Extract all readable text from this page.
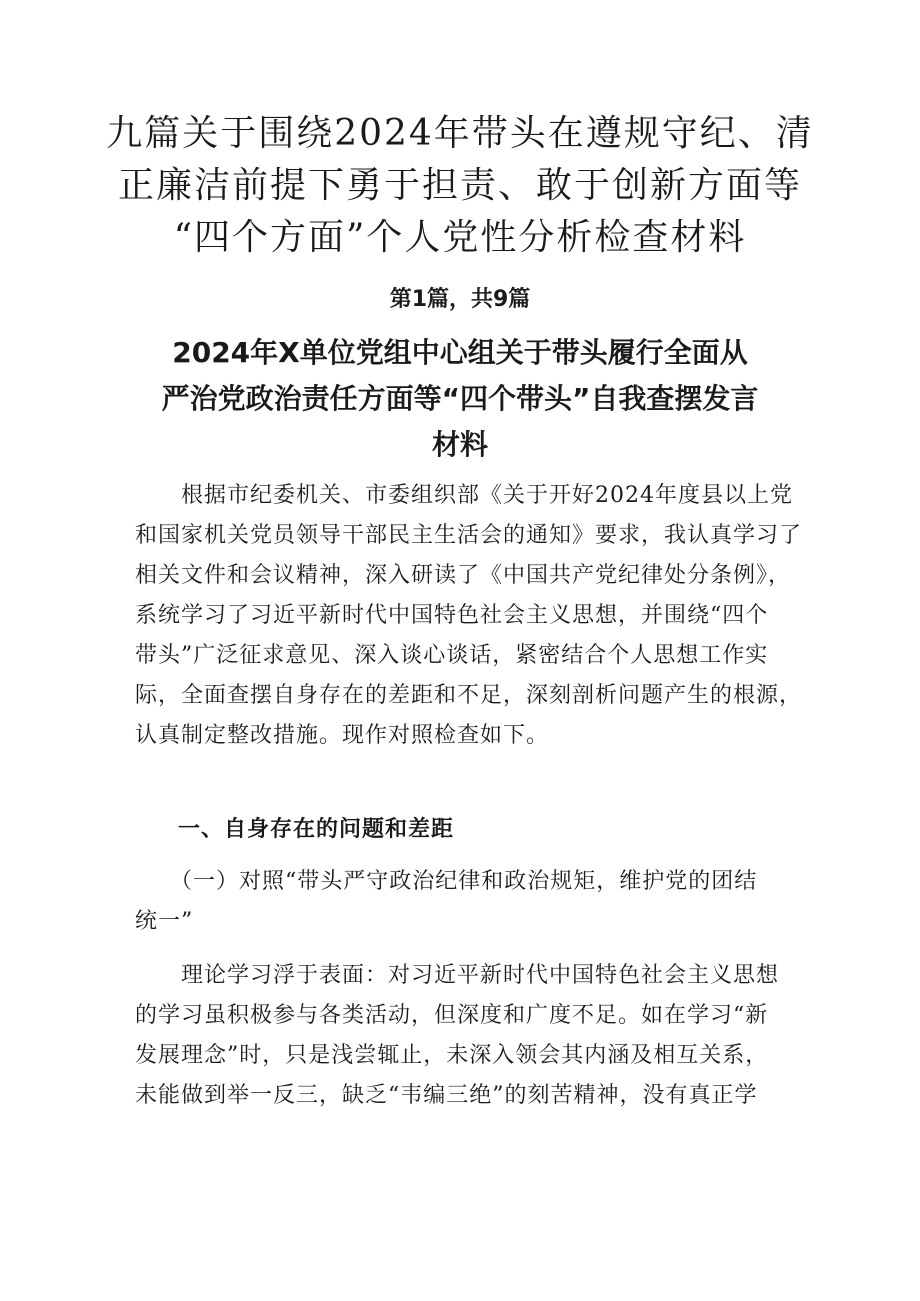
九篇关于围绕2024年带头在遵规守纪、清
正廉洁前提下勇于担责、敢于创新方面等
“四个方面”个人党性分析检查材料
第1篇，共9篇
2024年X单位党组中心组关于带头履行全面从
严治党政治责任方面等“四个带头”自我查摆发言
材料
　　根据市纪委机关、市委组织部《关于开好2024年度县以上党
和国家机关党员领导干部民主生活会的通知》要求，我认真学习了
相关文件和会议精神，深入研读了《中国共产党纪律处分条例》，
系统学习了习近平新时代中国特色社会主义思想，并围绕“四个
带头”广泛征求意见、深入谈心谈话，紧密结合个人思想工作实
际，全面查摆自身存在的差距和不足，深刻剖析问题产生的根源，
认真制定整改措施。现作对照检查如下。
一、自身存在的问题和差距
　　（一）对照“带头严守政治纪律和政治规矩，维护党的团结
统一”
　　理论学习浮于表面：对习近平新时代中国特色社会主义思想
的学习虽积极参与各类活动，但深度和广度不足。如在学习“新
发展理念”时，只是浅尝辄止，未深入领会其内涵及相互关系，
未能做到举一反三，缺乏“韦编三绝”的刻苦精神，没有真正学
